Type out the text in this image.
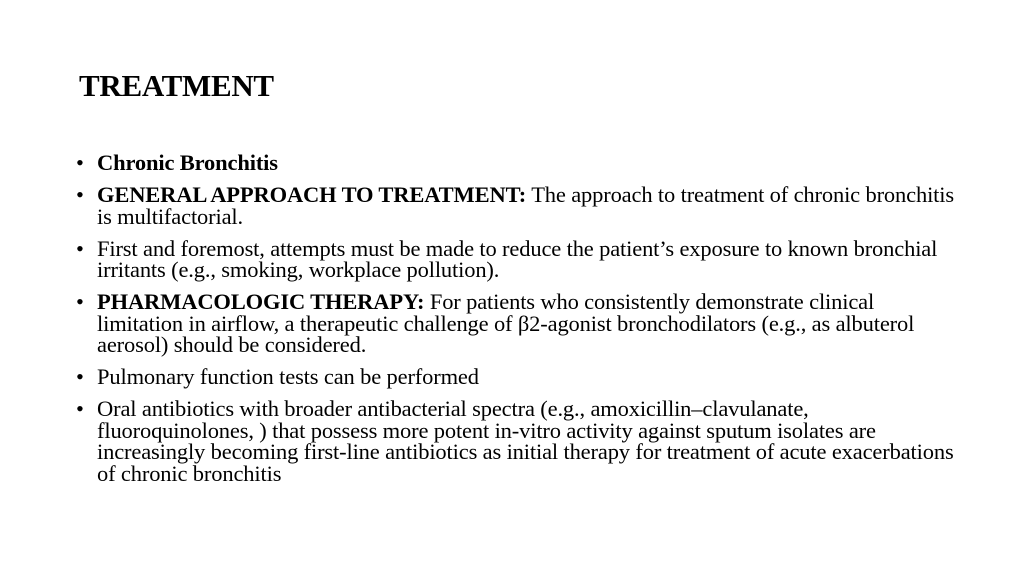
TREATMENT
• Chronic Bronchitis
• GENERAL APPROACH TO TREATMENT: The approach to treatment of chronic bronchitis is multifactorial.
• First and foremost, attempts must be made to reduce the patient’s exposure to known bronchial irritants (e.g., smoking, workplace pollution).
• PHARMACOLOGIC THERAPY: For patients who consistently demonstrate clinical limitation in airflow, a therapeutic challenge of β2-agonist bronchodilators (e.g., as albuterol aerosol) should be considered.
• Pulmonary function tests can be performed
• Oral antibiotics with broader antibacterial spectra (e.g., amoxicillin–clavulanate, fluoroquinolones, ) that possess more potent in-vitro activity against sputum isolates are increasingly becoming first-line antibiotics as initial therapy for treatment of acute exacerbations of chronic bronchitis
